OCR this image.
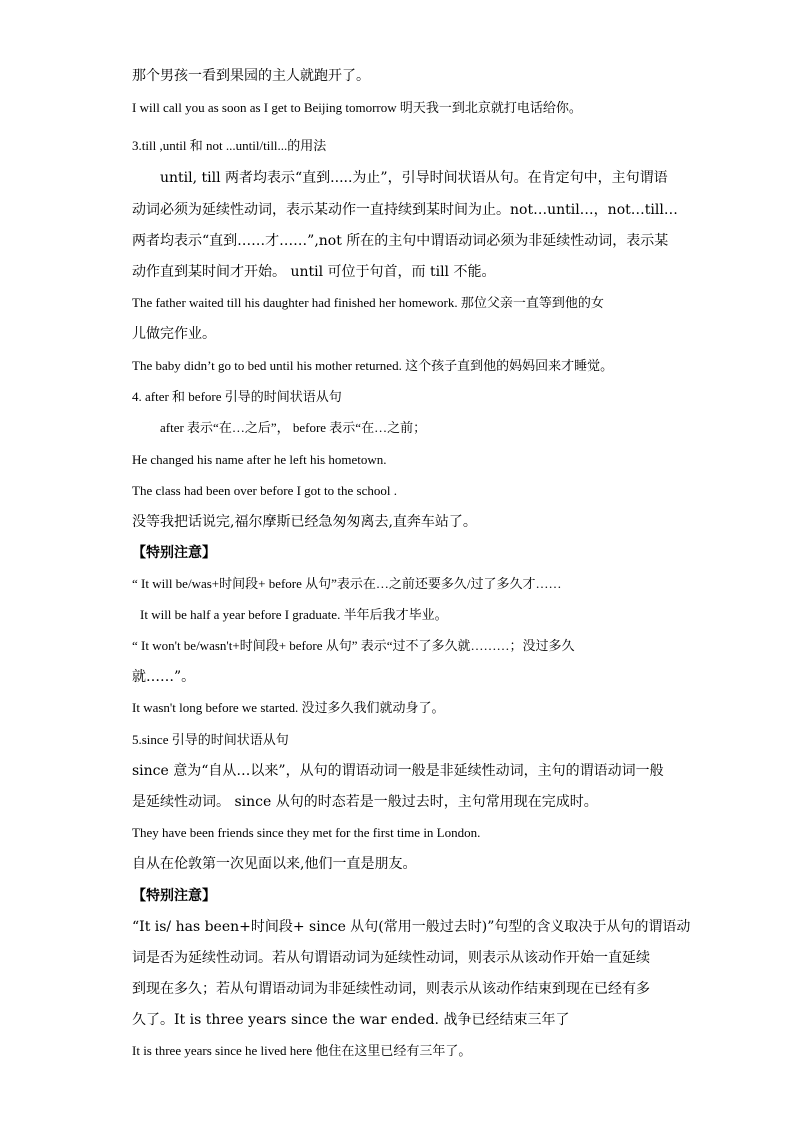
那个男孩一看到果园的主人就跑开了。
I will call you as soon as I get to Beijing tomorrow 明天我一到北京就打电话给你。
3.till ,until 和 not ...until/till...的用法
until, till 两者均表示“直到.....为止”，引导时间状语从句。在肯定句中，主句谓语
动词必须为延续性动词，表示某动作一直持续到某时间为止。not…until…，not…till…
两者均表示“直到……才……”,not 所在的主句中谓语动词必须为非延续性动词，表示某
动作直到某时间才开始。 until 可位于句首，而 till 不能。
The father waited till his daughter had finished her homework. 那位父亲一直等到他的女
儿做完作业。
The baby didn’t go to bed until his mother returned. 这个孩子直到他的妈妈回来才睡觉。
4. after 和 before 引导的时间状语从句
after 表示“在…之后”， before 表示“在…之前；
He changed his name after he left his hometown.
The class had been over before I got to the school .
没等我把话说完,福尔摩斯已经急匆匆离去,直奔车站了。
【特别注意】
“ It will be/was+时间段+ before 从句”表示在…之前还要多久/过了多久才……
It will be half a year before I graduate. 半年后我才毕业。
“ It won't be/wasn't+时间段+ before 从句” 表示“过不了多久就………；没过多久
就……”。
It wasn't long before we started. 没过多久我们就动身了。
5.since 引导的时间状语从句
since 意为“自从…以来”，从句的谓语动词一般是非延续性动词，主句的谓语动词一般
是延续性动词。 since 从句的时态若是一般过去时，主句常用现在完成时。
They have been friends since they met for the first time in London.
自从在伦敦第一次见面以来,他们一直是朋友。
【特别注意】
“It is/ has been+时间段+ since 从句(常用一般过去时)”句型的含义取决于从句的谓语动
词是否为延续性动词。若从句谓语动词为延续性动词，则表示从该动作开始一直延续
到现在多久；若从句谓语动词为非延续性动词，则表示从该动作结束到现在已经有多
久了。It is three years since the war ended. 战争已经结束三年了
It is three years since he lived here 他住在这里已经有三年了。
